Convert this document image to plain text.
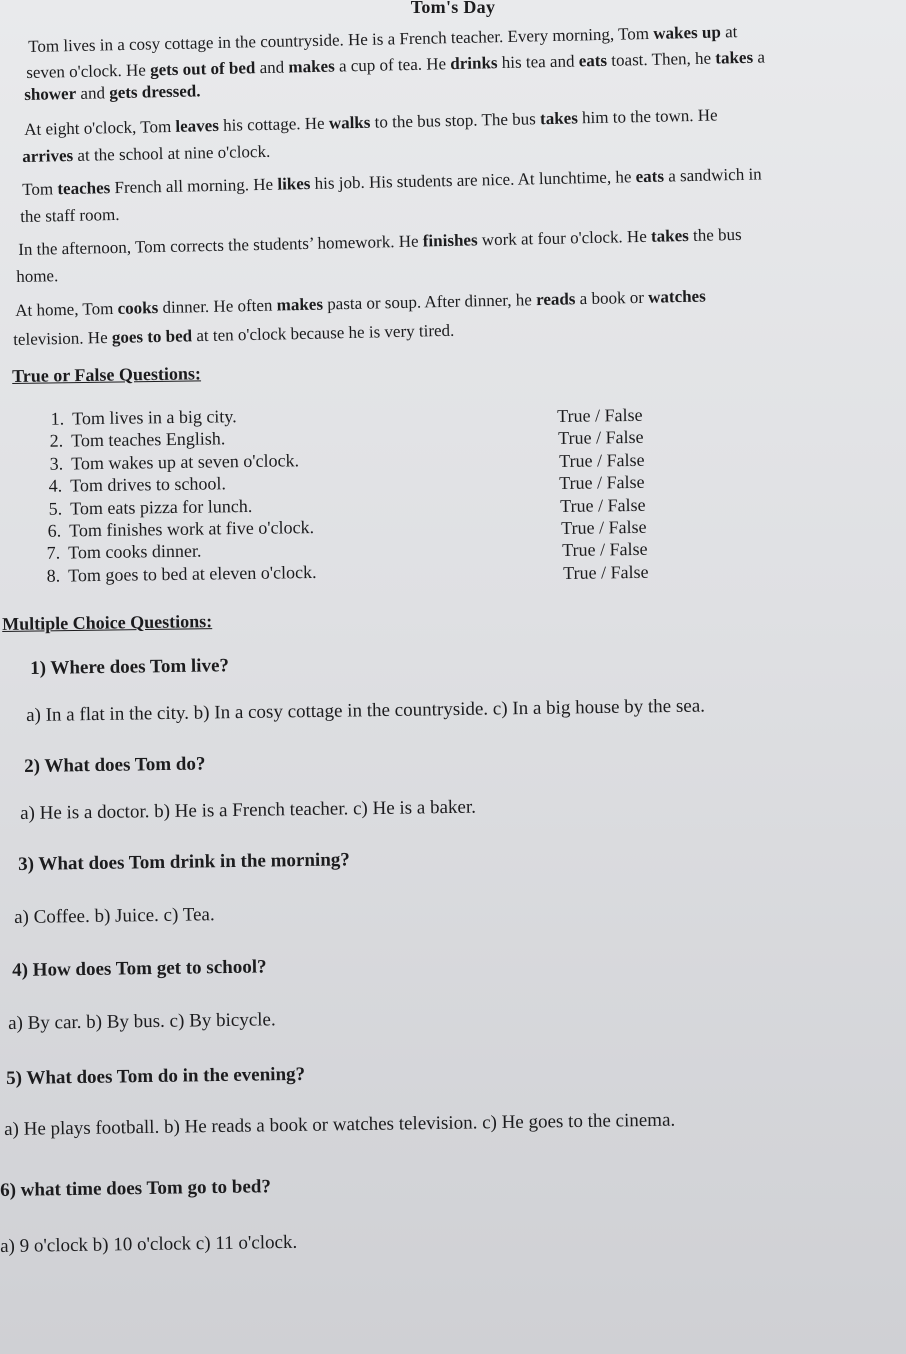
Tom's Day
Tom lives in a cosy cottage in the countryside. He is a French teacher. Every morning, Tom wakes up at
seven o'clock. He gets out of bed and makes a cup of tea. He drinks his tea and eats toast. Then, he takes a
shower and gets dressed.
At eight o'clock, Tom leaves his cottage. He walks to the bus stop. The bus takes him to the town. He
arrives at the school at nine o'clock.
Tom teaches French all morning. He likes his job. His students are nice. At lunchtime, he eats a sandwich in
the staff room.
In the afternoon, Tom corrects the students’ homework. He finishes work at four o'clock. He takes the bus
home.
At home, Tom cooks dinner. He often makes pasta or soup. After dinner, he reads a book or watches
television. He goes to bed at ten o'clock because he is very tired.
True or False Questions:
1. Tom lives in a big city.	True / False
2. Tom teaches English.	True / False
3. Tom wakes up at seven o'clock.	True / False
4. Tom drives to school.	True / False
5. Tom eats pizza for lunch.	True / False
6. Tom finishes work at five o'clock.	True / False
7. Tom cooks dinner.	True / False
8. Tom goes to bed at eleven o'clock.	True / False
Multiple Choice Questions:
1) Where does Tom live?
a) In a flat in the city. b) In a cosy cottage in the countryside. c) In a big house by the sea.
2) What does Tom do?
a) He is a doctor. b) He is a French teacher. c) He is a baker.
3) What does Tom drink in the morning?
a) Coffee. b) Juice. c) Tea.
4) How does Tom get to school?
a) By car. b) By bus. c) By bicycle.
5) What does Tom do in the evening?
a) He plays football. b) He reads a book or watches television. c) He goes to the cinema.
6) what time does Tom go to bed?
a) 9 o'clock b) 10 o'clock c) 11 o'clock.
